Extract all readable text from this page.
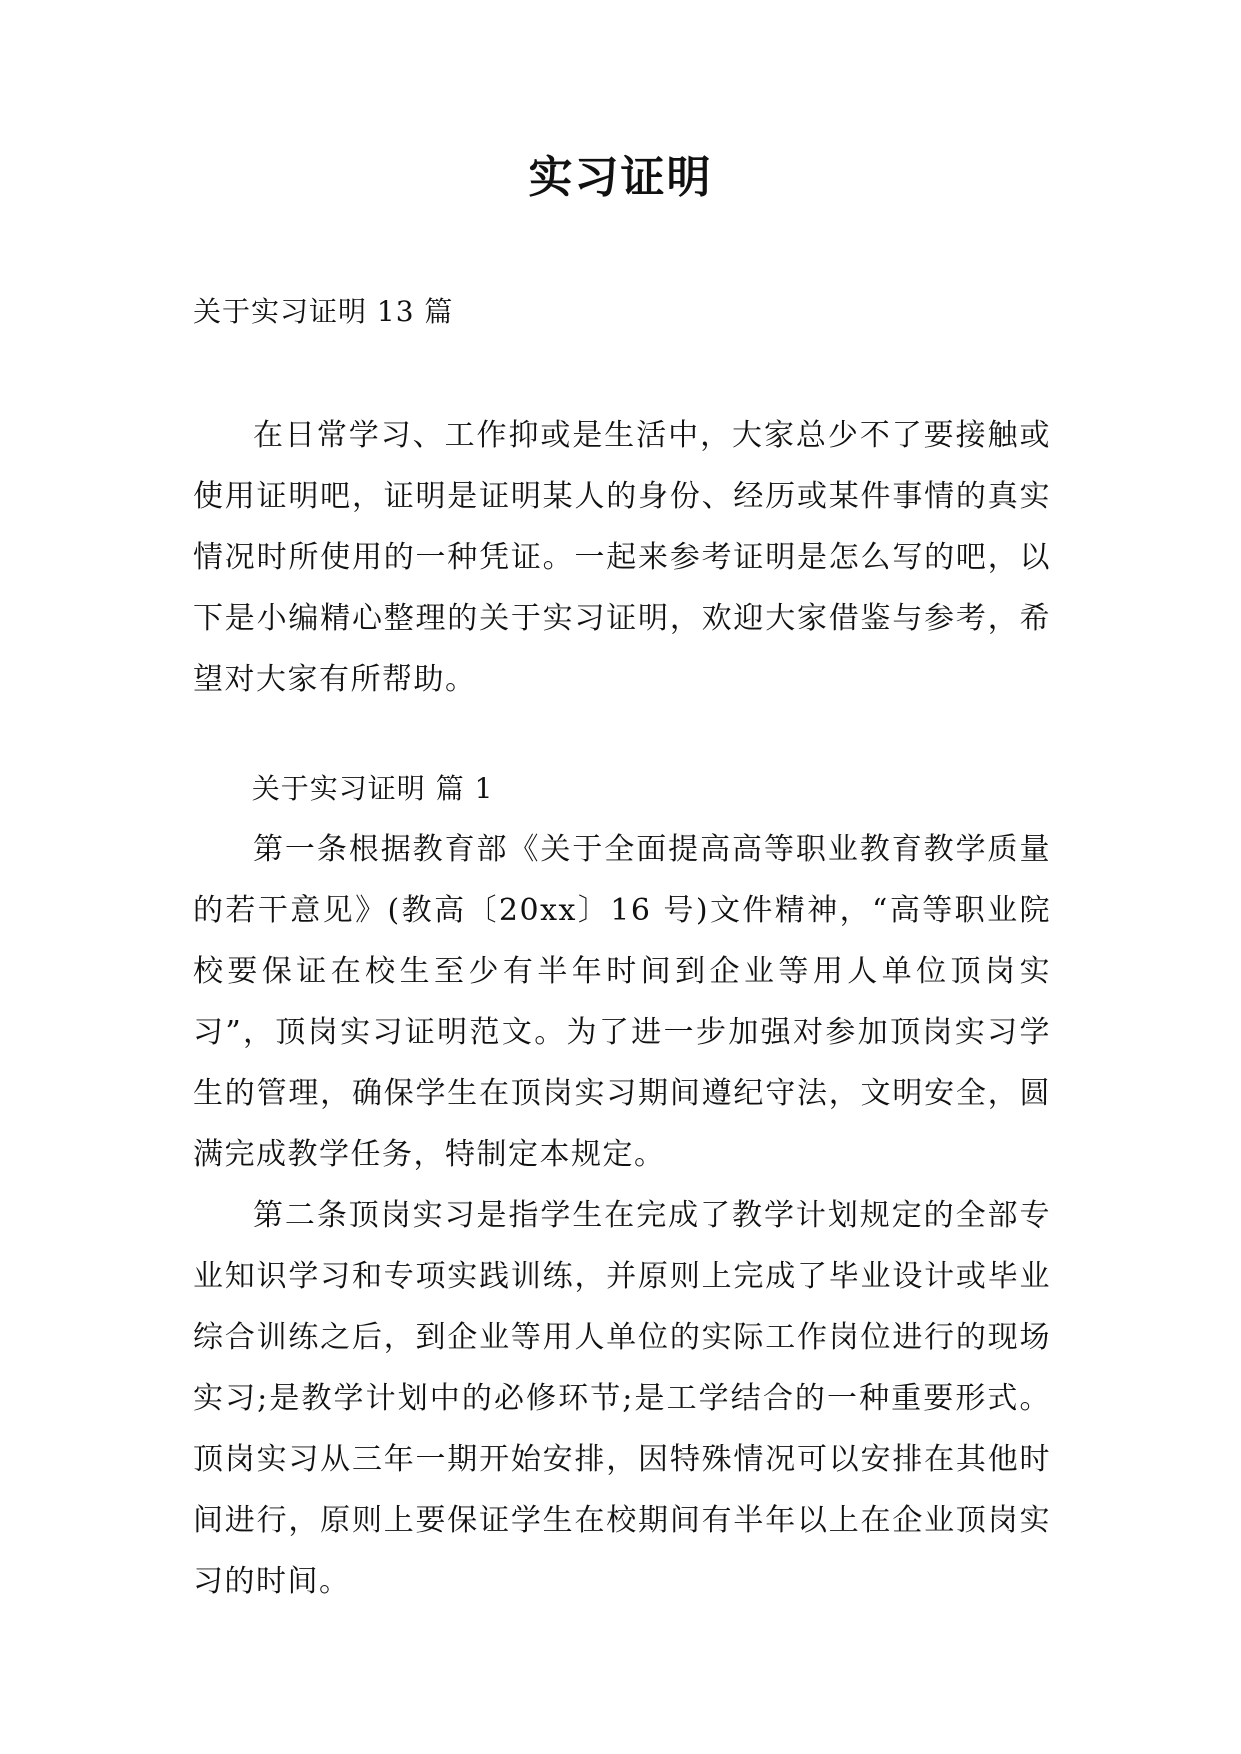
实习证明

关于实习证明 13 篇

在日常学习、工作抑或是生活中，大家总少不了要接触或使用证明吧，证明是证明某人的身份、经历或某件事情的真实情况时所使用的一种凭证。一起来参考证明是怎么写的吧，以下是小编精心整理的关于实习证明，欢迎大家借鉴与参考，希望对大家有所帮助。

关于实习证明 篇 1

第一条根据教育部《关于全面提高高等职业教育教学质量的若干意见》(教高〔20xx〕16 号)文件精神，“高等职业院校要保证在校生至少有半年时间到企业等用人单位顶岗实习”，顶岗实习证明范文。为了进一步加强对参加顶岗实习学生的管理，确保学生在顶岗实习期间遵纪守法，文明安全，圆满完成教学任务，特制定本规定。

第二条顶岗实习是指学生在完成了教学计划规定的全部专业知识学习和专项实践训练，并原则上完成了毕业设计或毕业综合训练之后，到企业等用人单位的实际工作岗位进行的现场实习;是教学计划中的必修环节;是工学结合的一种重要形式。顶岗实习从三年一期开始安排，因特殊情况可以安排在其他时间进行，原则上要保证学生在校期间有半年以上在企业顶岗实习的时间。
